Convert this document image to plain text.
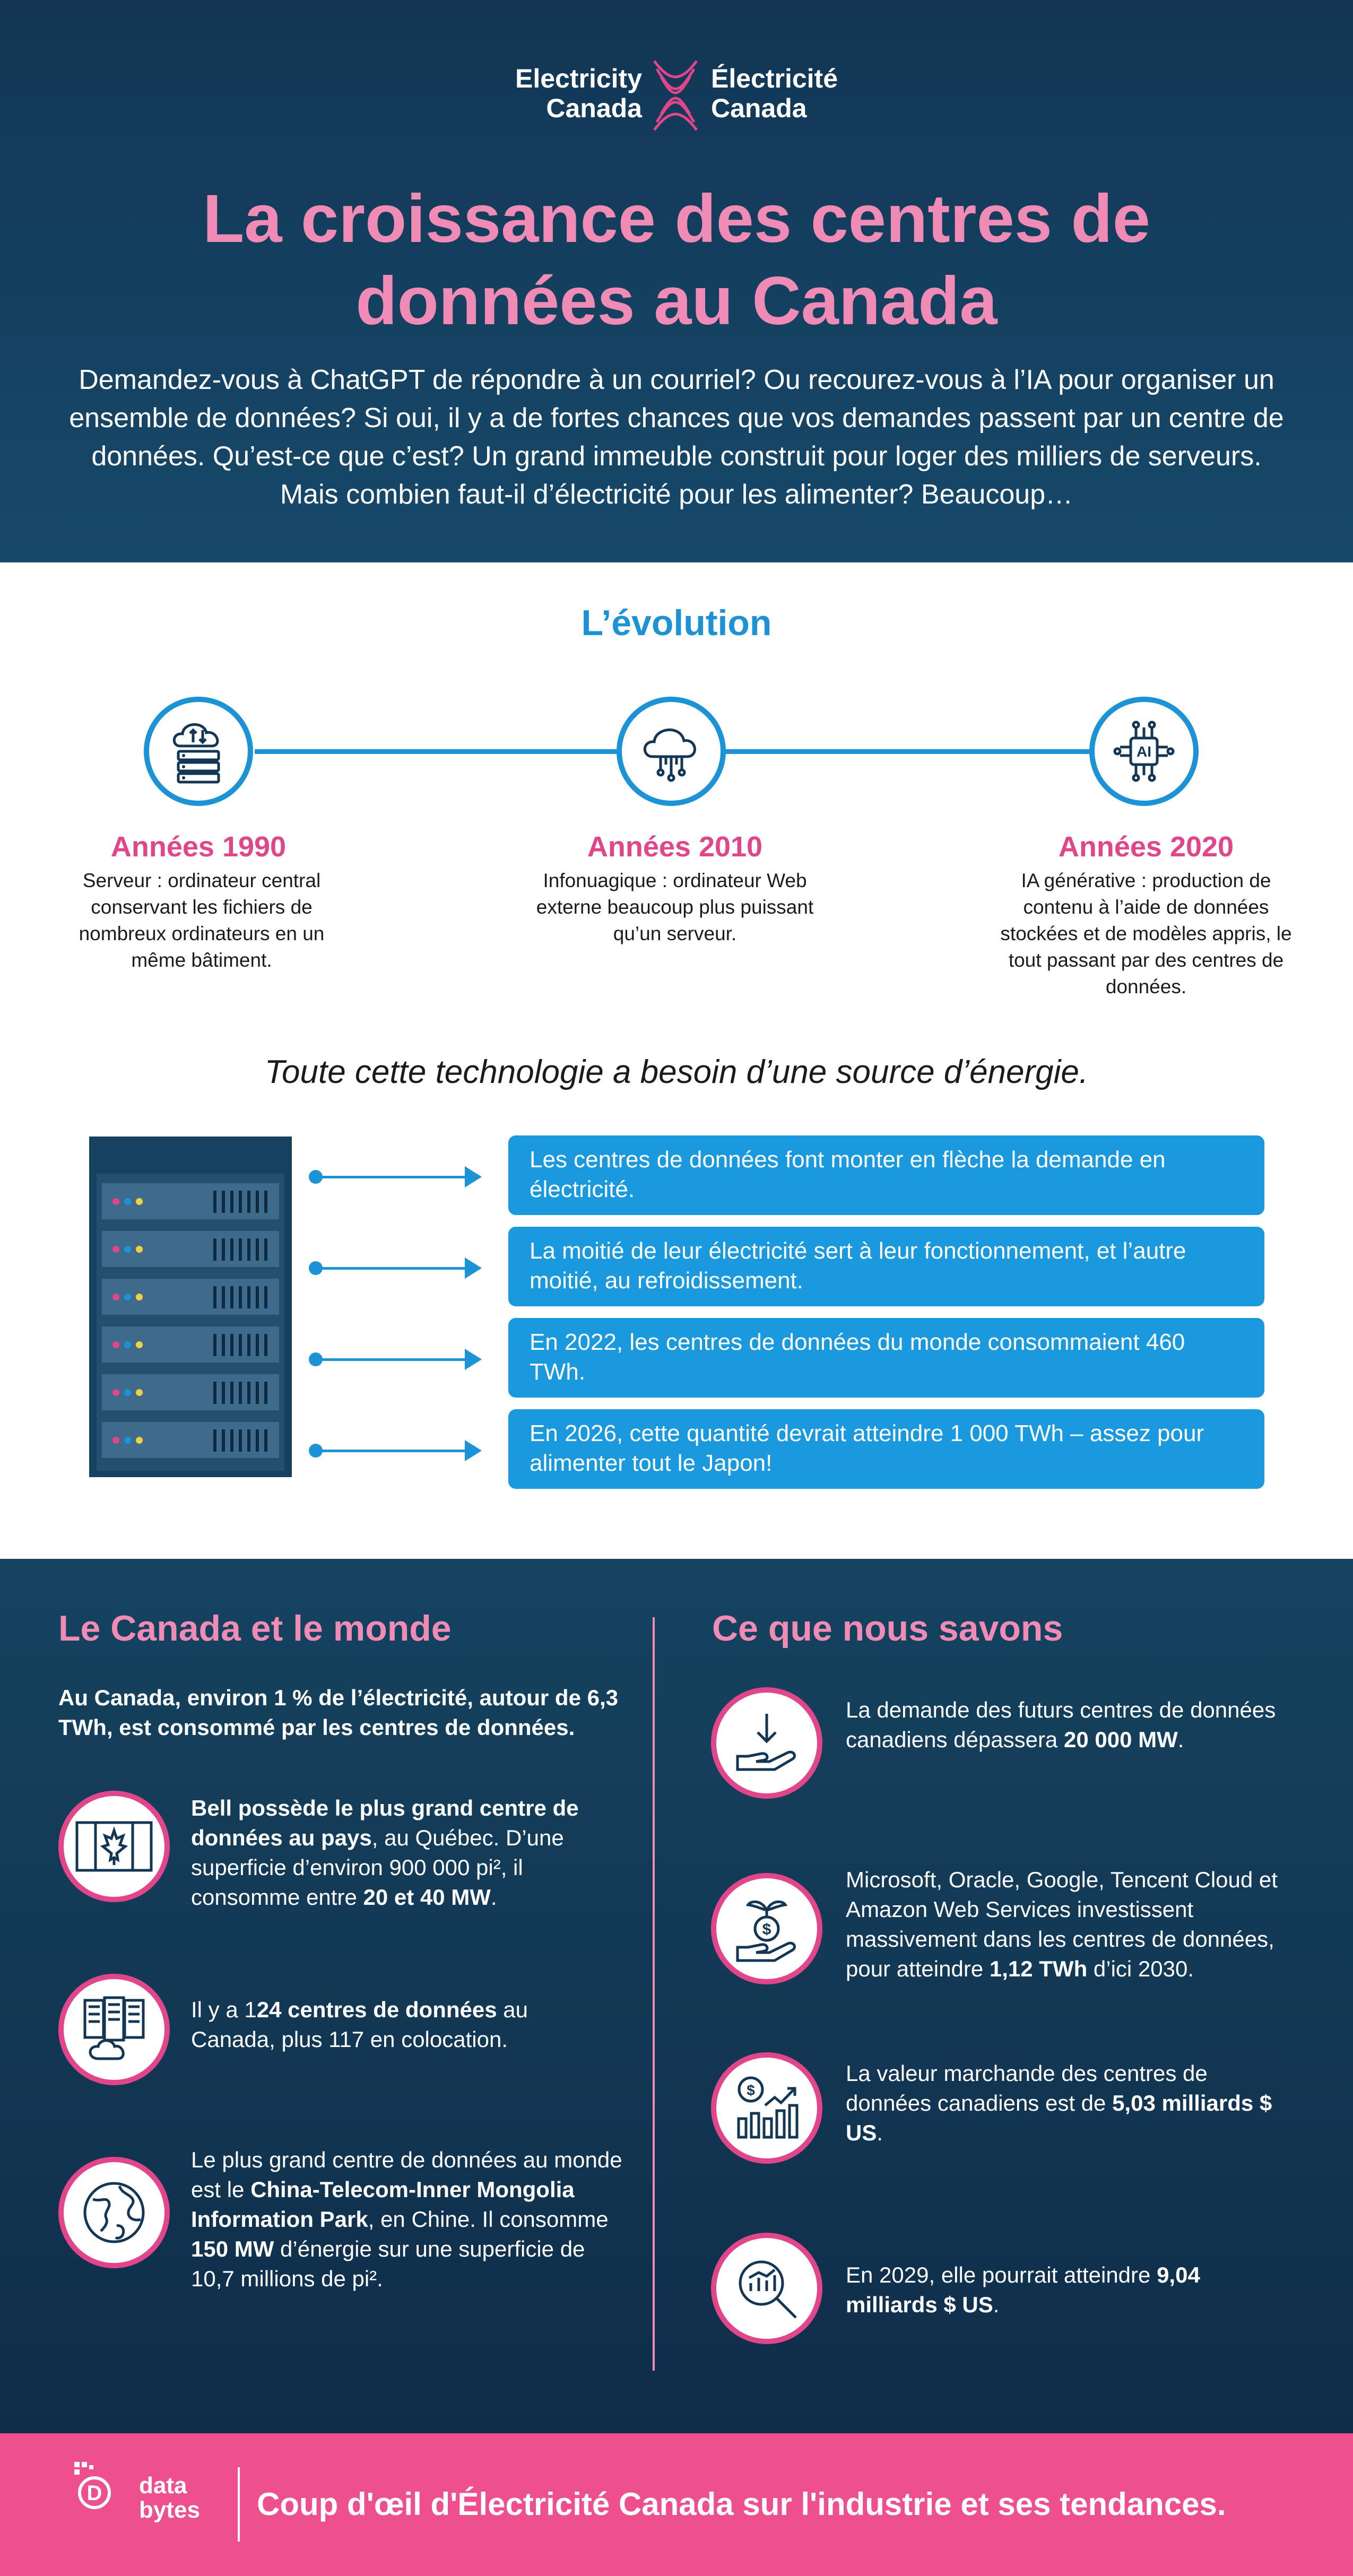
Electricity
Canada
Électricité
Canada
La croissance des centres de
données au Canada
Demandez-vous à ChatGPT de répondre à un courriel? Ou recourez-vous à l’IA pour organiser un ensemble de données? Si oui, il y a de fortes chances que vos demandes passent par un centre de données. Qu’est-ce que c’est? Un grand immeuble construit pour loger des milliers de serveurs. Mais combien faut-il d’électricité pour les alimenter? Beaucoup…
L’évolution
AI
Années 1990
Serveur : ordinateur central conservant les fichiers de nombreux ordinateurs en un même bâtiment.
Années 2010
Infonuagique : ordinateur Web externe beaucoup plus puissant qu’un serveur.
Années 2020
IA générative : production de contenu à l’aide de données stockées et de modèles appris, le tout passant par des centres de données.
Toute cette technologie a besoin d’une source d’énergie.
Les centres de données font monter en flèche la demande en électricité.
La moitié de leur électricité sert à leur fonctionnement, et l’autre moitié, au refroidissement.
En 2022, les centres de données du monde consommaient 460 TWh.
En 2026, cette quantité devrait atteindre 1 000 TWh – assez pour alimenter tout le Japon!
Le Canada et le monde
Au Canada, environ 1 % de l’électricité, autour de 6,3 TWh, est consommé par les centres de données.
Bell possède le plus grand centre de données au pays, au Québec. D’une superficie d’environ 900 000 pi², il consomme entre 20 et 40 MW.
Il y a 124 centres de données au Canada, plus 117 en colocation.
Le plus grand centre de données au monde est le China-Telecom-Inner Mongolia Information Park, en Chine. Il consomme 150 MW d’énergie sur une superficie de 10,7 millions de pi².
Ce que nous savons
La demande des futurs centres de données canadiens dépassera 20 000 MW.
$
Microsoft, Oracle, Google, Tencent Cloud et Amazon Web Services investissent massivement dans les centres de données, pour atteindre 1,12 TWh d’ici 2030.
$
La valeur marchande des centres de données canadiens est de 5,03 milliards $ US.
En 2029, elle pourrait atteindre 9,04 milliards $ US.
D data
bytes Coup d'œil d'Électricité Canada sur l'industrie et ses tendances.
